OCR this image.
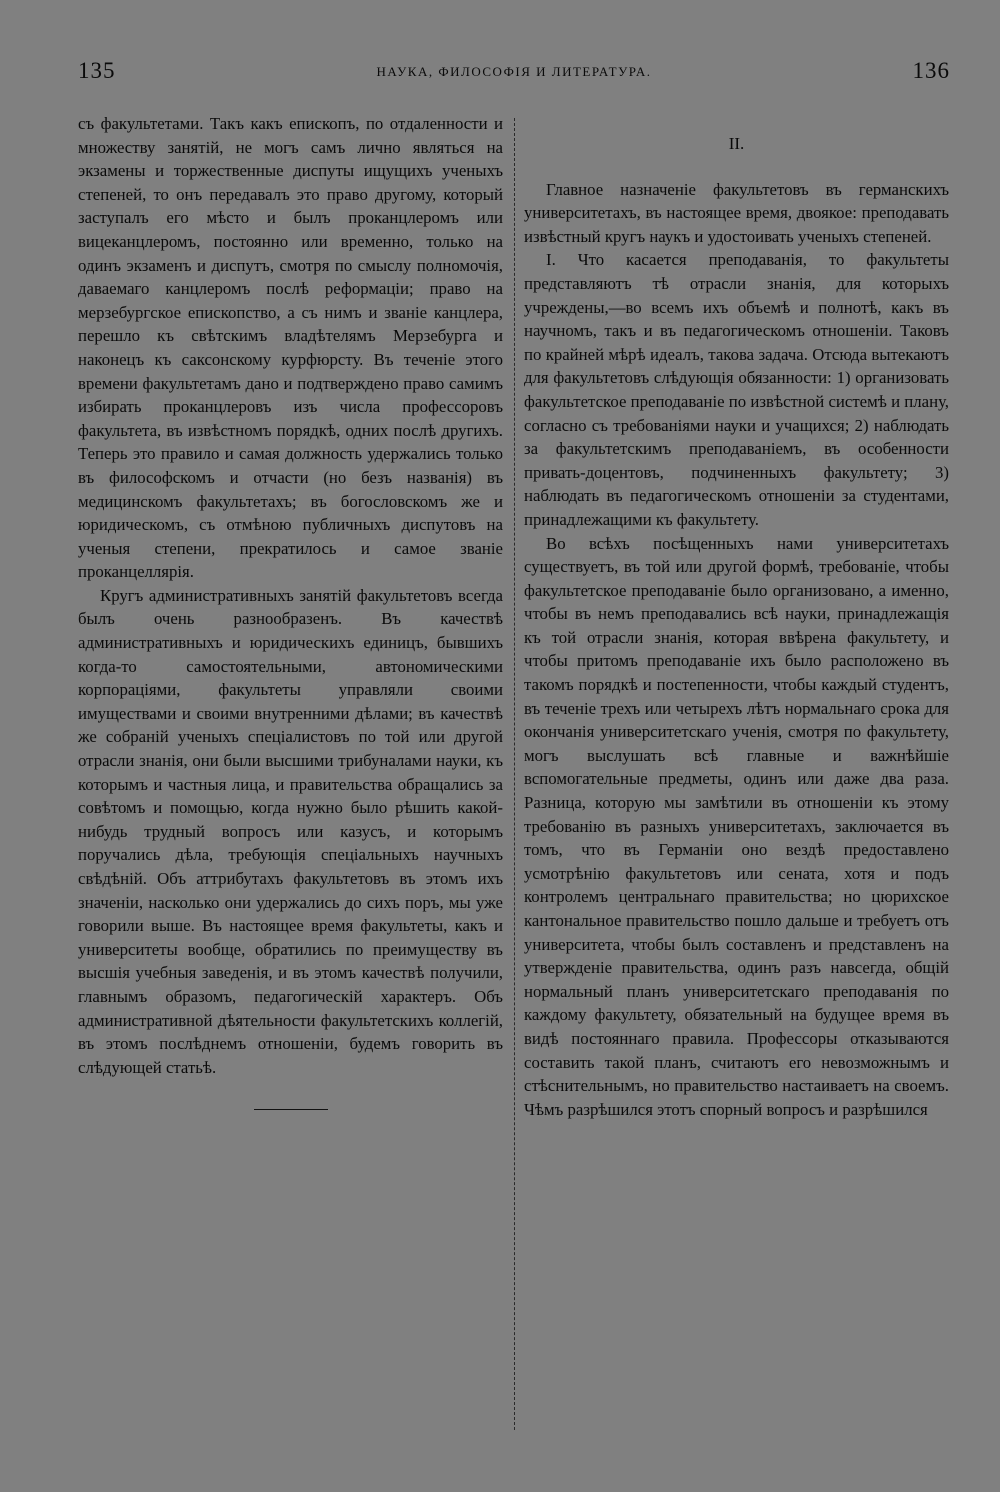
135	НАУКА, ФИЛОСОФІЯ И ЛИТЕРАТУРА.	136

съ факультетами. Такъ какъ епископъ, по отдаленности и множеству занятій, не могъ самъ лично являться на экзамены и торжественные диспуты ищущихъ ученыхъ степеней, то онъ передавалъ это право другому, который заступалъ его мѣсто и былъ проканцлеромъ или вицеканцлеромъ, постоянно или временно, только на одинъ экзаменъ и диспутъ, смотря по смыслу полномочія, даваемаго канцлеромъ послѣ реформаціи; право на мерзебургское епископство, а съ нимъ и званіе канцлера, перешло къ свѣтскимъ владѣтелямъ Мерзебурга и наконецъ къ саксонскому курфюрсту. Въ теченіе этого времени факультетамъ дано и подтверждено право самимъ избирать проканцлеровъ изъ числа профессоровъ факультета, въ извѣстномъ порядкѣ, одних послѣ другихъ. Теперь это правило и самая должность удержались только въ философскомъ и отчасти (но безъ названія) въ медицинскомъ факультетахъ; въ богословскомъ же и юридическомъ, съ отмѣною публичныхъ диспутовъ на ученыя степени, прекратилось и самое званіе проканцеллярія.

Кругъ административныхъ занятій факультетовъ всегда былъ очень разнообразенъ. Въ качествѣ административныхъ и юридическихъ единицъ, бывшихъ когда-то самостоятельными, автономическими корпораціями, факультеты управляли своими имуществами и своими внутренними дѣлами; въ качествѣ же собраній ученыхъ спеціалистовъ по той или другой отрасли знанія, они были высшими трибуналами науки, къ которымъ и частныя лица, и правительства обращались за совѣтомъ и помощью, когда нужно было рѣшить какой-нибудь трудный вопросъ или казусъ, и которымъ поручались дѣла, требующія спеціальныхъ научныхъ свѣдѣній. Объ аттрибутахъ факультетовъ въ этомъ ихъ значеніи, насколько они удержались до сихъ поръ, мы уже говорили выше. Въ настоящее время факультеты, какъ и университеты вообще, обратились по преимуществу въ высшія учебныя заведенія, и въ этомъ качествѣ получили, главнымъ образомъ, педагогическій характеръ. Объ административной дѣятельности факультетскихъ коллегій, въ этомъ послѣднемъ отношеніи, будемъ говорить въ слѣдующей статьѣ.

II.

Главное назначеніе факультетовъ въ германскихъ университетахъ, въ настоящее время, двоякое: преподавать извѣстный кругъ наукъ и удостоивать ученыхъ степеней.

I. Что касается преподаванія, то факультеты представляютъ тѣ отрасли знанія, для которыхъ учреждены,—во всемъ ихъ объемѣ и полнотѣ, какъ въ научномъ, такъ и въ педагогическомъ отношеніи. Таковъ по крайней мѣрѣ идеалъ, такова задача. Отсюда вытекаютъ для факультетовъ слѣдующія обязанности: 1) организовать факультетское преподаваніе по извѣстной системѣ и плану, согласно съ требованіями науки и учащихся; 2) наблюдать за факультетскимъ преподаваніемъ, въ особенности привать-доцентовъ, подчиненныхъ факультету; 3) наблюдать въ педагогическомъ отношеніи за студентами, принадлежащими къ факультету.

Во всѣхъ посѣщенныхъ нами университетахъ существуетъ, въ той или другой формѣ, требованіе, чтобы факультетское преподаваніе было организовано, а именно, чтобы въ немъ преподавались всѣ науки, принадлежащія къ той отрасли знанія, которая ввѣрена факультету, и чтобы притомъ преподаваніе ихъ было расположено въ такомъ порядкѣ и постепенности, чтобы каждый студентъ, въ теченіе трехъ или четырехъ лѣтъ нормальнаго срока для окончанія университетскаго ученія, смотря по факультету, могъ выслушать всѣ главные и важнѣйшіе вспомогательные предметы, одинъ или даже два раза. Разница, которую мы замѣтили въ отношеніи къ этому требованію въ разныхъ университетахъ, заключается въ томъ, что въ Германіи оно вездѣ предоставлено усмотрѣнію факультетовъ или сената, хотя и подъ контролемъ центральнаго правительства; но цюрихское кантональное правительство пошло дальше и требуетъ отъ университета, чтобы былъ составленъ и представленъ на утвержденіе правительства, одинъ разъ навсегда, общій нормальный планъ университетскаго преподаванія по каждому факультету, обязательный на будущее время въ видѣ постояннаго правила. Профессоры отказываются составить такой планъ, считаютъ его невозможнымъ и стѣснительнымъ, но правительство настаиваетъ на своемъ. Чѣмъ разрѣшился этотъ спорный вопросъ и разрѣшился
